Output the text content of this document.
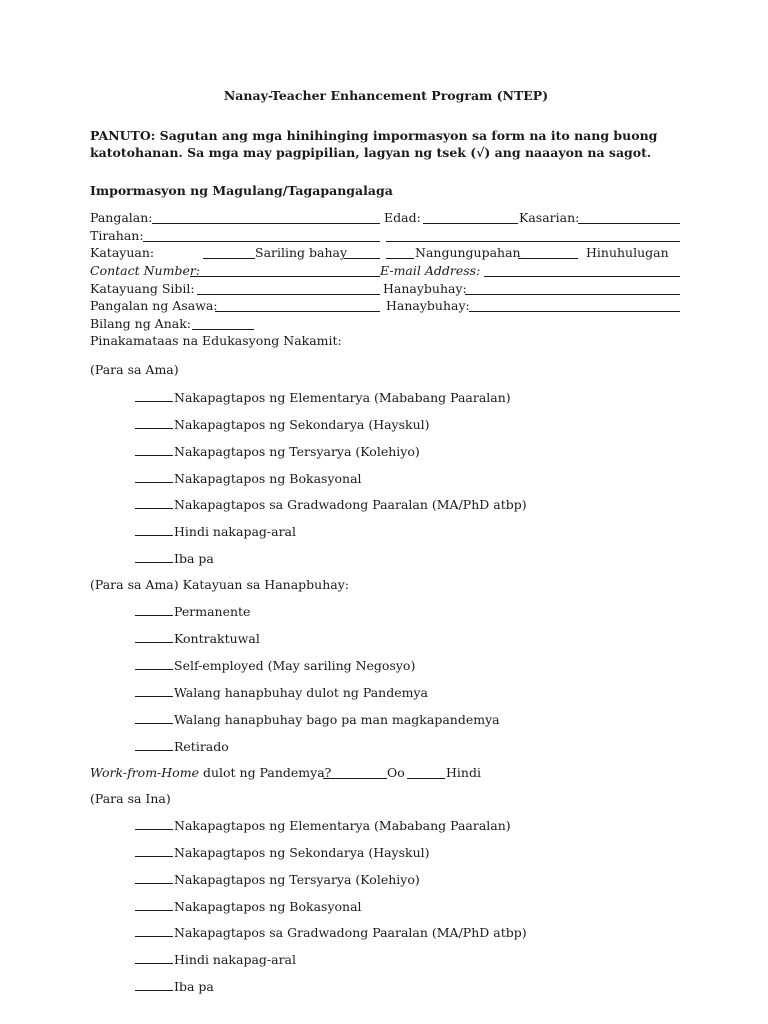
Nanay-Teacher Enhancement Program (NTEP)
PANUTO: Sagutan ang mga hinihinging impormasyon sa form na ito nang buong katotohanan. Sa mga may pagpipilian, lagyan ng tsek (√) ang naaayon na sagot.
Impormasyon ng Magulang/Tagapangalaga
Pangalan:	Edad:	Kasarian:
Tirahan:
Katayuan:	Sariling bahay	Nangungupahan	Hinuhulugan
Contact Number:	E-mail Address:
Katayuang Sibil:	Hanaybuhay:
Pangalan ng Asawa:	Hanaybuhay:
Bilang ng Anak:
Pinakamataas na Edukasyong Nakamit:
(Para sa Ama)
Nakapagtapos ng Elementarya (Mababang Paaralan)
Nakapagtapos ng Sekondarya (Hayskul)
Nakapagtapos ng Tersyarya (Kolehiyo)
Nakapagtapos ng Bokasyonal
Nakapagtapos sa Gradwadong Paaralan (MA/PhD atbp)
Hindi nakapag-aral
Iba pa
(Para sa Ama) Katayuan sa Hanapbuhay:
Permanente
Kontraktuwal
Self-employed (May sariling Negosyo)
Walang hanapbuhay dulot ng Pandemya
Walang hanapbuhay bago pa man magkapandemya
Retirado
Work-from-Home dulot ng Pandemya?	Oo	Hindi
(Para sa Ina)
Nakapagtapos ng Elementarya (Mababang Paaralan)
Nakapagtapos ng Sekondarya (Hayskul)
Nakapagtapos ng Tersyarya (Kolehiyo)
Nakapagtapos ng Bokasyonal
Nakapagtapos sa Gradwadong Paaralan (MA/PhD atbp)
Hindi nakapag-aral
Iba pa
